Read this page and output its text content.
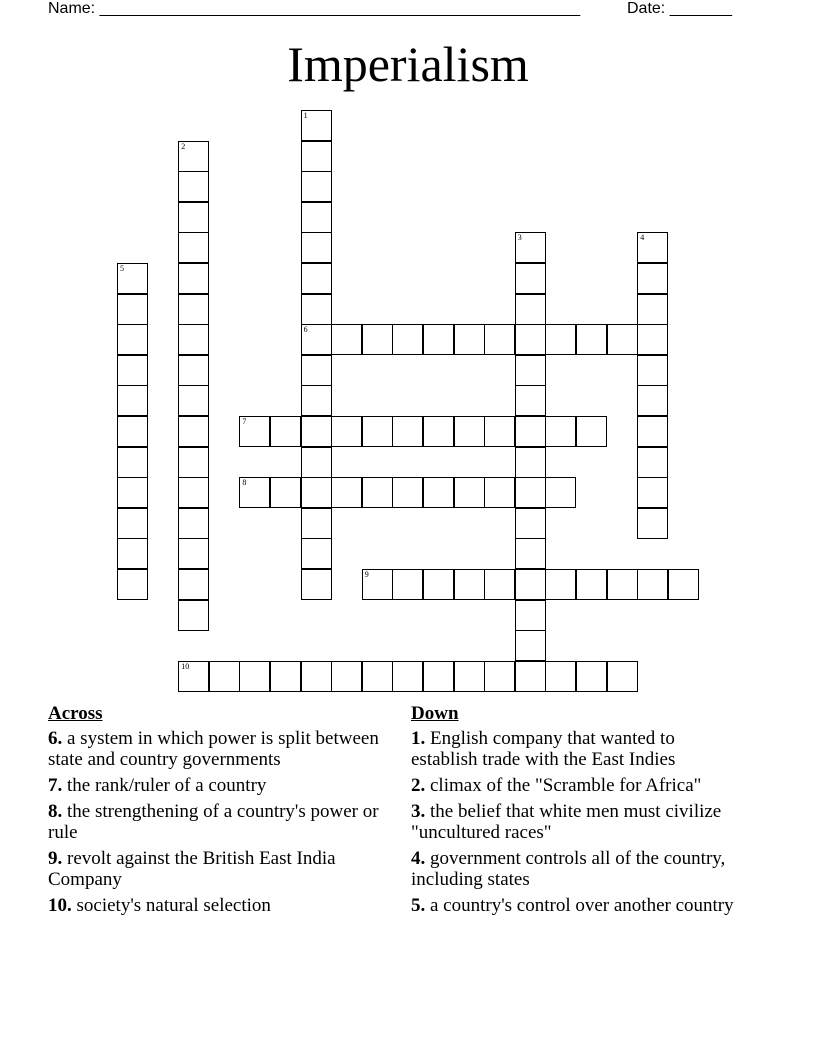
Name: ______________________________________________________	Date: _______
Imperialism
1
6
2
3	4
5
7
8
9
10
Across
6. a system in which power is split between state and country governments
7. the rank/ruler of a country
8. the strengthening of a country's power or rule
9. revolt against the British East India Company
10. society's natural selection
Down
1. English company that wanted to establish trade with the East Indies
2. climax of the "Scramble for Africa"
3. the belief that white men must civilize "uncultured races"
4. government controls all of the country, including states
5. a country's control over another country
